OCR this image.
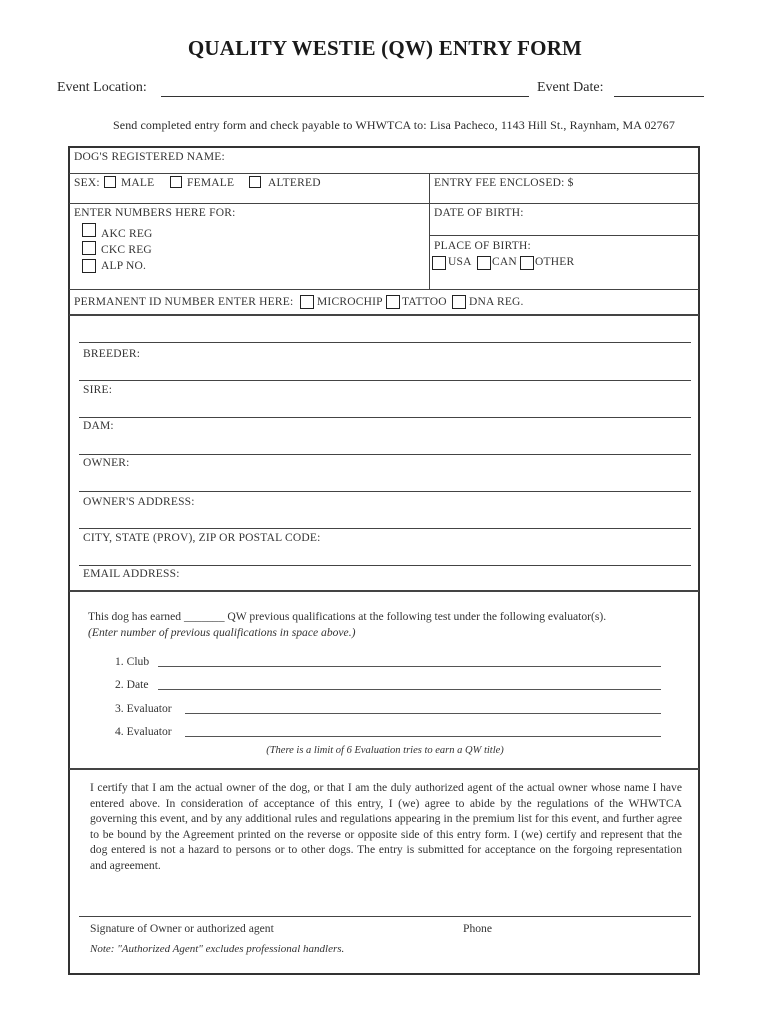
QUALITY WESTIE (QW) ENTRY FORM
Event Location:	Event Date:
Send completed entry form and check payable to WHWTCA to: Lisa Pacheco, 1143 Hill St., Raynham, MA 02767
DOG'S REGISTERED NAME:
SEX: MALE	FEMALE	ALTERED	ENTRY FEE ENCLOSED: $
ENTER NUMBERS HERE FOR:
AKC REG
CKC REG
ALP NO.
DATE OF BIRTH:
PLACE OF BIRTH:
USA CAN OTHER
PERMANENT ID NUMBER ENTER HERE: MICROCHIP TATTOO DNA REG.
BREEDER:
SIRE:
DAM:
OWNER:
OWNER'S ADDRESS:
CITY, STATE (PROV), ZIP OR POSTAL CODE:
EMAIL ADDRESS:
This dog has earned _______ QW previous qualifications at the following test under the following evaluator(s).
(Enter number of previous qualifications in space above.)
1. Club
2. Date
3. Evaluator
4. Evaluator
(There is a limit of 6 Evaluation tries to earn a QW title)
I certify that I am the actual owner of the dog, or that I am the duly authorized agent of the actual owner whose name I have entered above. In consideration of acceptance of this entry, I (we) agree to abide by the regulations of the WHWTCA governing this event, and by any additional rules and regulations appearing in the premium list for this event, and further agree to be bound by the Agreement printed on the reverse or opposite side of this entry form. I (we) certify and represent that the dog entered is not a hazard to persons or to other dogs. The entry is submitted for acceptance on the forgoing representation and agreement.
Signature of Owner or authorized agent	Phone
Note: "Authorized Agent" excludes professional handlers.
